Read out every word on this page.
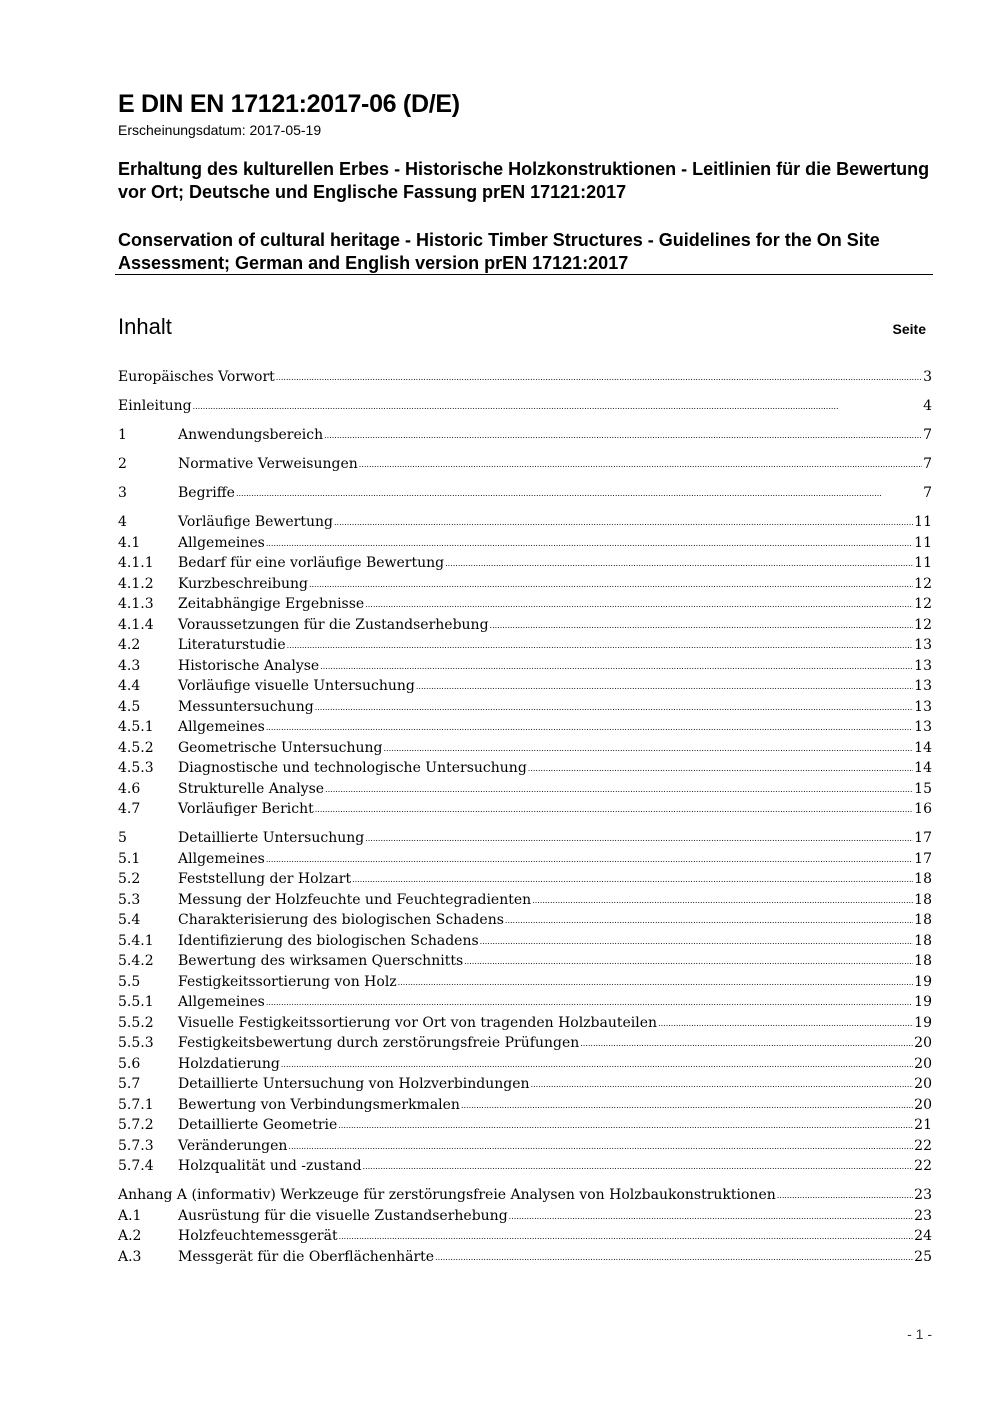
E DIN EN 17121:2017-06 (D/E)
Erscheinungsdatum: 2017-05-19
Erhaltung des kulturellen Erbes - Historische Holzkonstruktionen - Leitlinien für die Bewertung vor Ort; Deutsche und Englische Fassung prEN 17121:2017
Conservation of cultural heritage - Historic Timber Structures - Guidelines for the On Site Assessment; German and English version prEN 17121:2017
Inhalt	Seite
Europäisches Vorwort .....	3
Einleitung .....	4
1	Anwendungsbereich .....	7
2	Normative Verweisungen .....	7
3	Begriffe .....	7
4	Vorläufige Bewertung .....	11
4.1	Allgemeines .....	11
4.1.1	Bedarf für eine vorläufige Bewertung .....	11
4.1.2	Kurzbeschreibung .....	12
4.1.3	Zeitabhängige Ergebnisse .....	12
4.1.4	Voraussetzungen für die Zustandserhebung .....	12
4.2	Literaturstudie .....	13
4.3	Historische Analyse .....	13
4.4	Vorläufige visuelle Untersuchung .....	13
4.5	Messuntersuchung .....	13
4.5.1	Allgemeines .....	13
4.5.2	Geometrische Untersuchung .....	14
4.5.3	Diagnostische und technologische Untersuchung .....	14
4.6	Strukturelle Analyse .....	15
4.7	Vorläufiger Bericht .....	16
5	Detaillierte Untersuchung .....	17
5.1	Allgemeines .....	17
5.2	Feststellung der Holzart .....	18
5.3	Messung der Holzfeuchte und Feuchtegradienten .....	18
5.4	Charakterisierung des biologischen Schadens .....	18
5.4.1	Identifizierung des biologischen Schadens .....	18
5.4.2	Bewertung des wirksamen Querschnitts .....	18
5.5	Festigkeitssortierung von Holz .....	19
5.5.1	Allgemeines .....	19
5.5.2	Visuelle Festigkeitssortierung vor Ort von tragenden Holzbauteilen .....	19
5.5.3	Festigkeitsbewertung durch zerstörungsfreie Prüfungen .....	20
5.6	Holzdatierung .....	20
5.7	Detaillierte Untersuchung von Holzverbindungen .....	20
5.7.1	Bewertung von Verbindungsmerkmalen .....	20
5.7.2	Detaillierte Geometrie .....	21
5.7.3	Veränderungen .....	22
5.7.4	Holzqualität und -zustand .....	22
Anhang A (informativ) Werkzeuge für zerstörungsfreie Analysen von Holzbaukonstruktionen .....	23
A.1	Ausrüstung für die visuelle Zustandserhebung .....	23
A.2	Holzfeuchtemessgerät .....	24
A.3	Messgerät für die Oberflächenhärte .....	25
- 1 -
